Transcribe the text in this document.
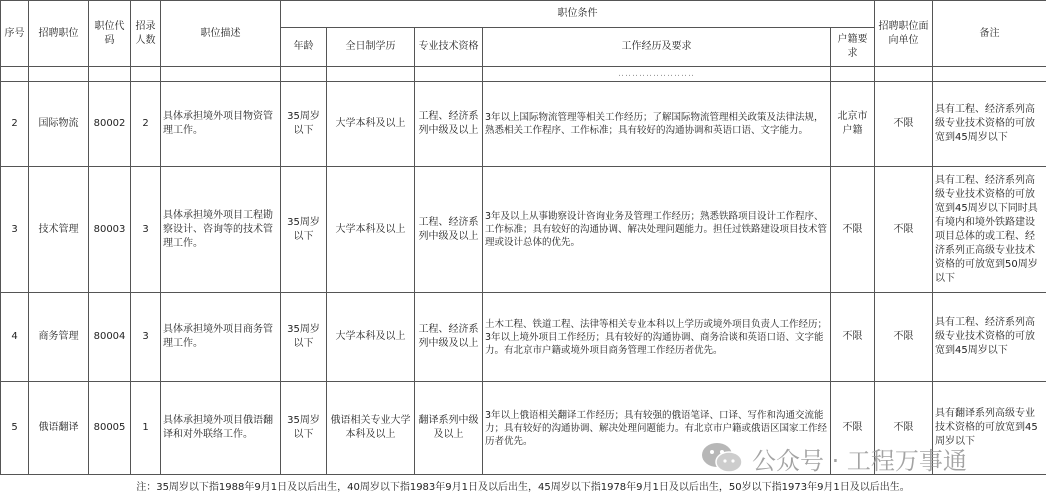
序号	招聘职位	职位代码	招录人数	职位描述	职位条件					招聘职位面向单位	备注
					年龄	全日制学历	专业技术资格	工作经历及要求	户籍要求		
								‥‥‥‥‥‥‥‥‥‥‥			
2	国际物流	80002	2	具体承担境外项目物资管理工作。	35周岁以下	大学本科及以上	工程、经济系列中级及以上	3年以上国际物流管理等相关工作经历；了解国际物流管理相关政策及法律法规，熟悉相关工作程序、工作标准；具有较好的沟通协调和英语口语、文字能力。	北京市户籍	不限	具有工程、经济系列高级专业技术资格的可放宽到45周岁以下
3	技术管理	80003	3	具体承担境外项目工程勘察设计、咨询等的技术管理工作。	35周岁以下	大学本科及以上	工程、经济系列中级及以上	3年及以上从事勘察设计咨询业务及管理工作经历；熟悉铁路项目设计工作程序、工作标准；具有较好的沟通协调、解决处理问题能力。担任过铁路建设项目技术管理或设计总体的优先。	不限	不限	具有工程、经济系列高级专业技术资格的可放宽到45周岁以下同时具有境内和境外铁路建设项目总体的或工程、经济系列正高级专业技术资格的可放宽到50周岁以下
4	商务管理	80004	3	具体承担境外项目商务管理工作。	35周岁以下	大学本科及以上	工程、经济系列中级及以上	土木工程、铁道工程、法律等相关专业本科以上学历或境外项目负责人工作经历；3年以上境外项目工作经历；具有较好的沟通协调、商务洽谈和英语口语、文字能力。有北京市户籍或境外项目商务管理工作经历者优先。	不限	不限	具有工程、经济系列高级专业技术资格的可放宽到45周岁以下
5	俄语翻译	80005	1	具体承担境外项目俄语翻译和对外联络工作。	35周岁以下	俄语相关专业大学本科及以上	翻译系列中级及以上	3年以上俄语相关翻译工作经历；具有较强的俄语笔译、口译、写作和沟通交流能力；具有较好的沟通协调、解决处理问题能力。有北京市户籍或俄语区国家工作经历者优先。	不限	不限	具有翻译系列高级专业技术资格的可放宽到45周岁以下
注：35周岁以下指1988年9月1日及以后出生，40周岁以下指1983年9月1日及以后出生，45周岁以下指1978年9月1日及以后出生，50岁以下指1973年9月1日及以后出生。
公众号 · 工程万事通
